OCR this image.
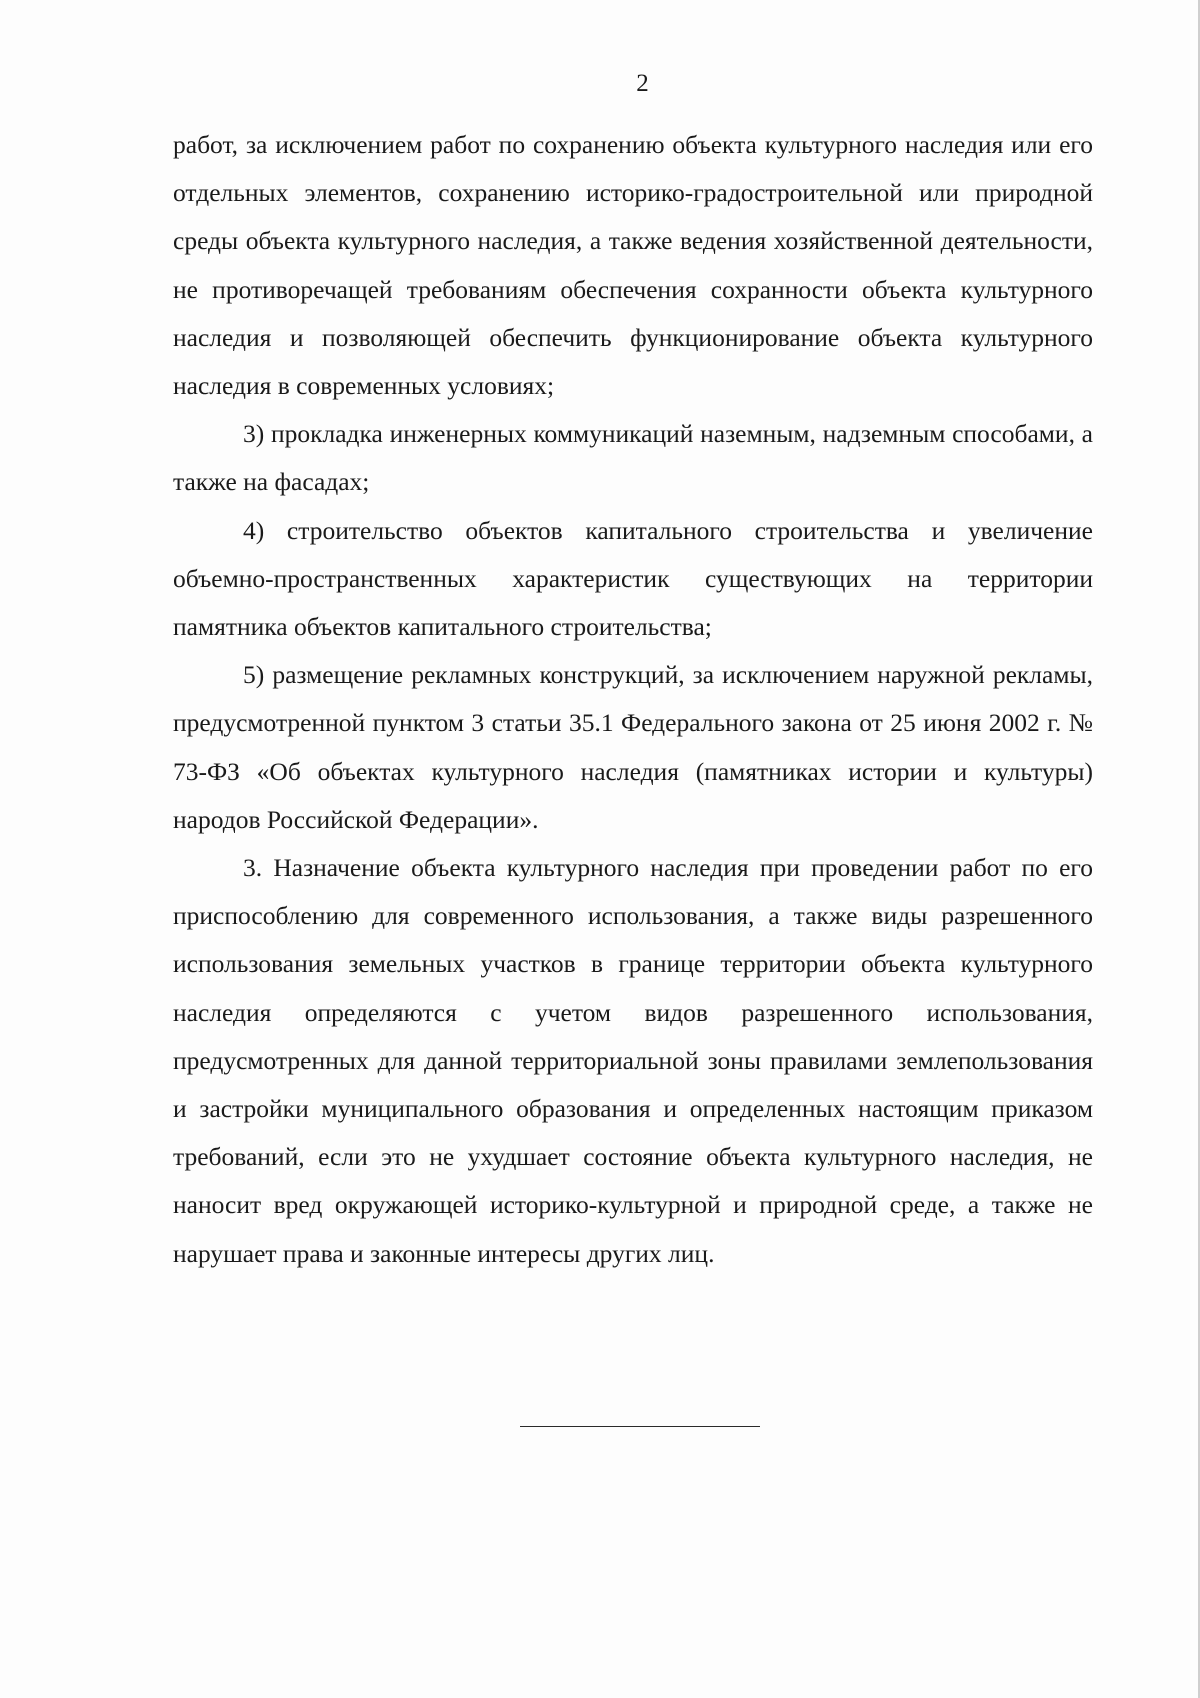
2

работ, за исключением работ по сохранению объекта культурного наследия или его отдельных элементов, сохранению историко-градостроительной или природной среды объекта культурного наследия, а также ведения хозяйственной деятельности, не противоречащей требованиям обеспечения сохранности объекта культурного наследия и позволяющей обеспечить функционирование объекта культурного наследия в современных условиях;

3) прокладка инженерных коммуникаций наземным, надземным способами, а также на фасадах;

4) строительство объектов капитального строительства и увеличение объемно-пространственных характеристик существующих на территории памятника объектов капитального строительства;

5) размещение рекламных конструкций, за исключением наружной рекламы, предусмотренной пунктом 3 статьи 35.1 Федерального закона от 25 июня 2002 г. № 73-ФЗ «Об объектах культурного наследия (памятниках истории и культуры) народов Российской Федерации».

3. Назначение объекта культурного наследия при проведении работ по его приспособлению для современного использования, а также виды разрешенного использования земельных участков в границе территории объекта культурного наследия определяются с учетом видов разрешенного использования, предусмотренных для данной территориальной зоны правилами землепользования и застройки муниципального образования и определенных настоящим приказом требований, если это не ухудшает состояние объекта культурного наследия, не наносит вред окружающей историко-культурной и природной среде, а также не нарушает права и законные интересы других лиц.
